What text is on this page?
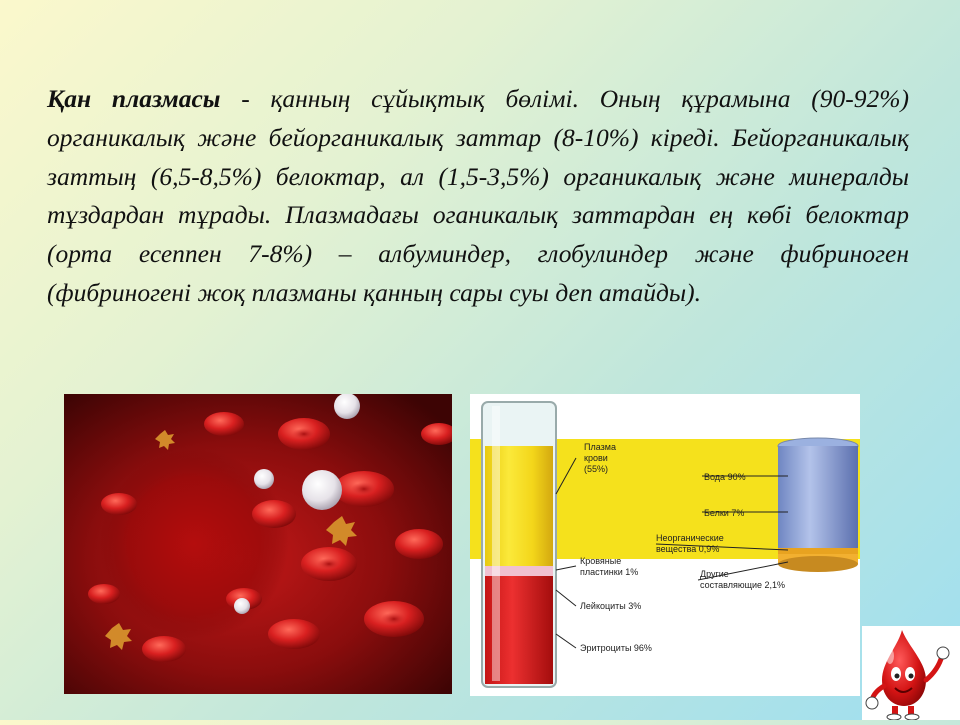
Қан плазмасы - қанның сұйықтық бөлімі. Оның құрамына (90-92%) органикалық және бейорганикалық заттар (8-10%) кіреді. Бейорганикалық заттың (6,5-8,5%) белоктар, ал (1,5-3,5%) органикалық және минералды тұздардан тұрады. Плазмадағы оганикалық заттардан ең көбі белоктар (орта есеппен 7-8%) – албуминдер, глобулиндер және фибриноген (фибриногені жоқ плазманы қанның сары суы деп атайды).
Плазма
крови
(55%)
Вода 90%
Белки 7%
Неорганические
вещества 0,9%
Другие
составляющие 2,1%
Кровяные
пластинки 1%
Лейкоциты 3%
Эритроциты 96%
